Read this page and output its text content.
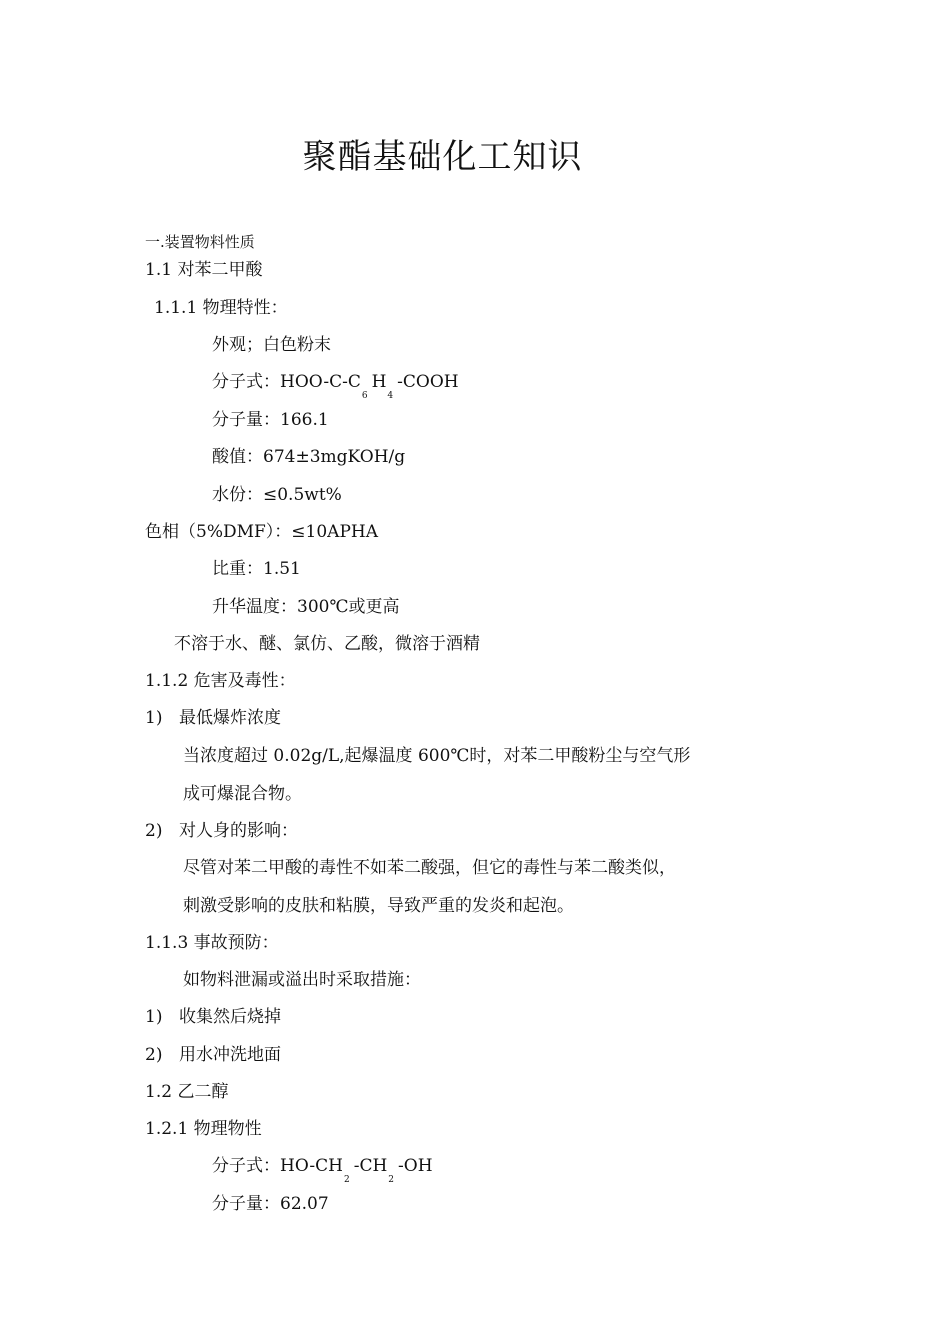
聚酯基础化工知识
一.装置物料性质
1.1 对苯二甲酸
1.1.1 物理特性：
外观；白色粉末
分子式：HOO-$C-C_6H_4$-COOH
分子量：166.1
酸值：674±3mgKOH/g
水份：≤0.5wt%
色相（5%DMF）：≤10APHA
比重：1.51
升华温度：300℃或更高
不溶于水、醚、氯仿、乙酸，微溶于酒精
1.1.2 危害及毒性：
1) 最低爆炸浓度
当浓度超过 0.02g/L,起爆温度 600℃时，对苯二甲酸粉尘与空气形
成可爆混合物。
2) 对人身的影响：
尽管对苯二甲酸的毒性不如苯二酸强，但它的毒性与苯二酸类似，
刺激受影响的皮肤和粘膜，导致严重的发炎和起泡。
1.1.3 事故预防：
如物料泄漏或溢出时采取措施：
1) 收集然后烧掉
2) 用水冲洗地面
1.2 乙二醇
1.2.1 物理物性
分子式：$HO-CH_2-CH_2-OH$
分子量：62.07
